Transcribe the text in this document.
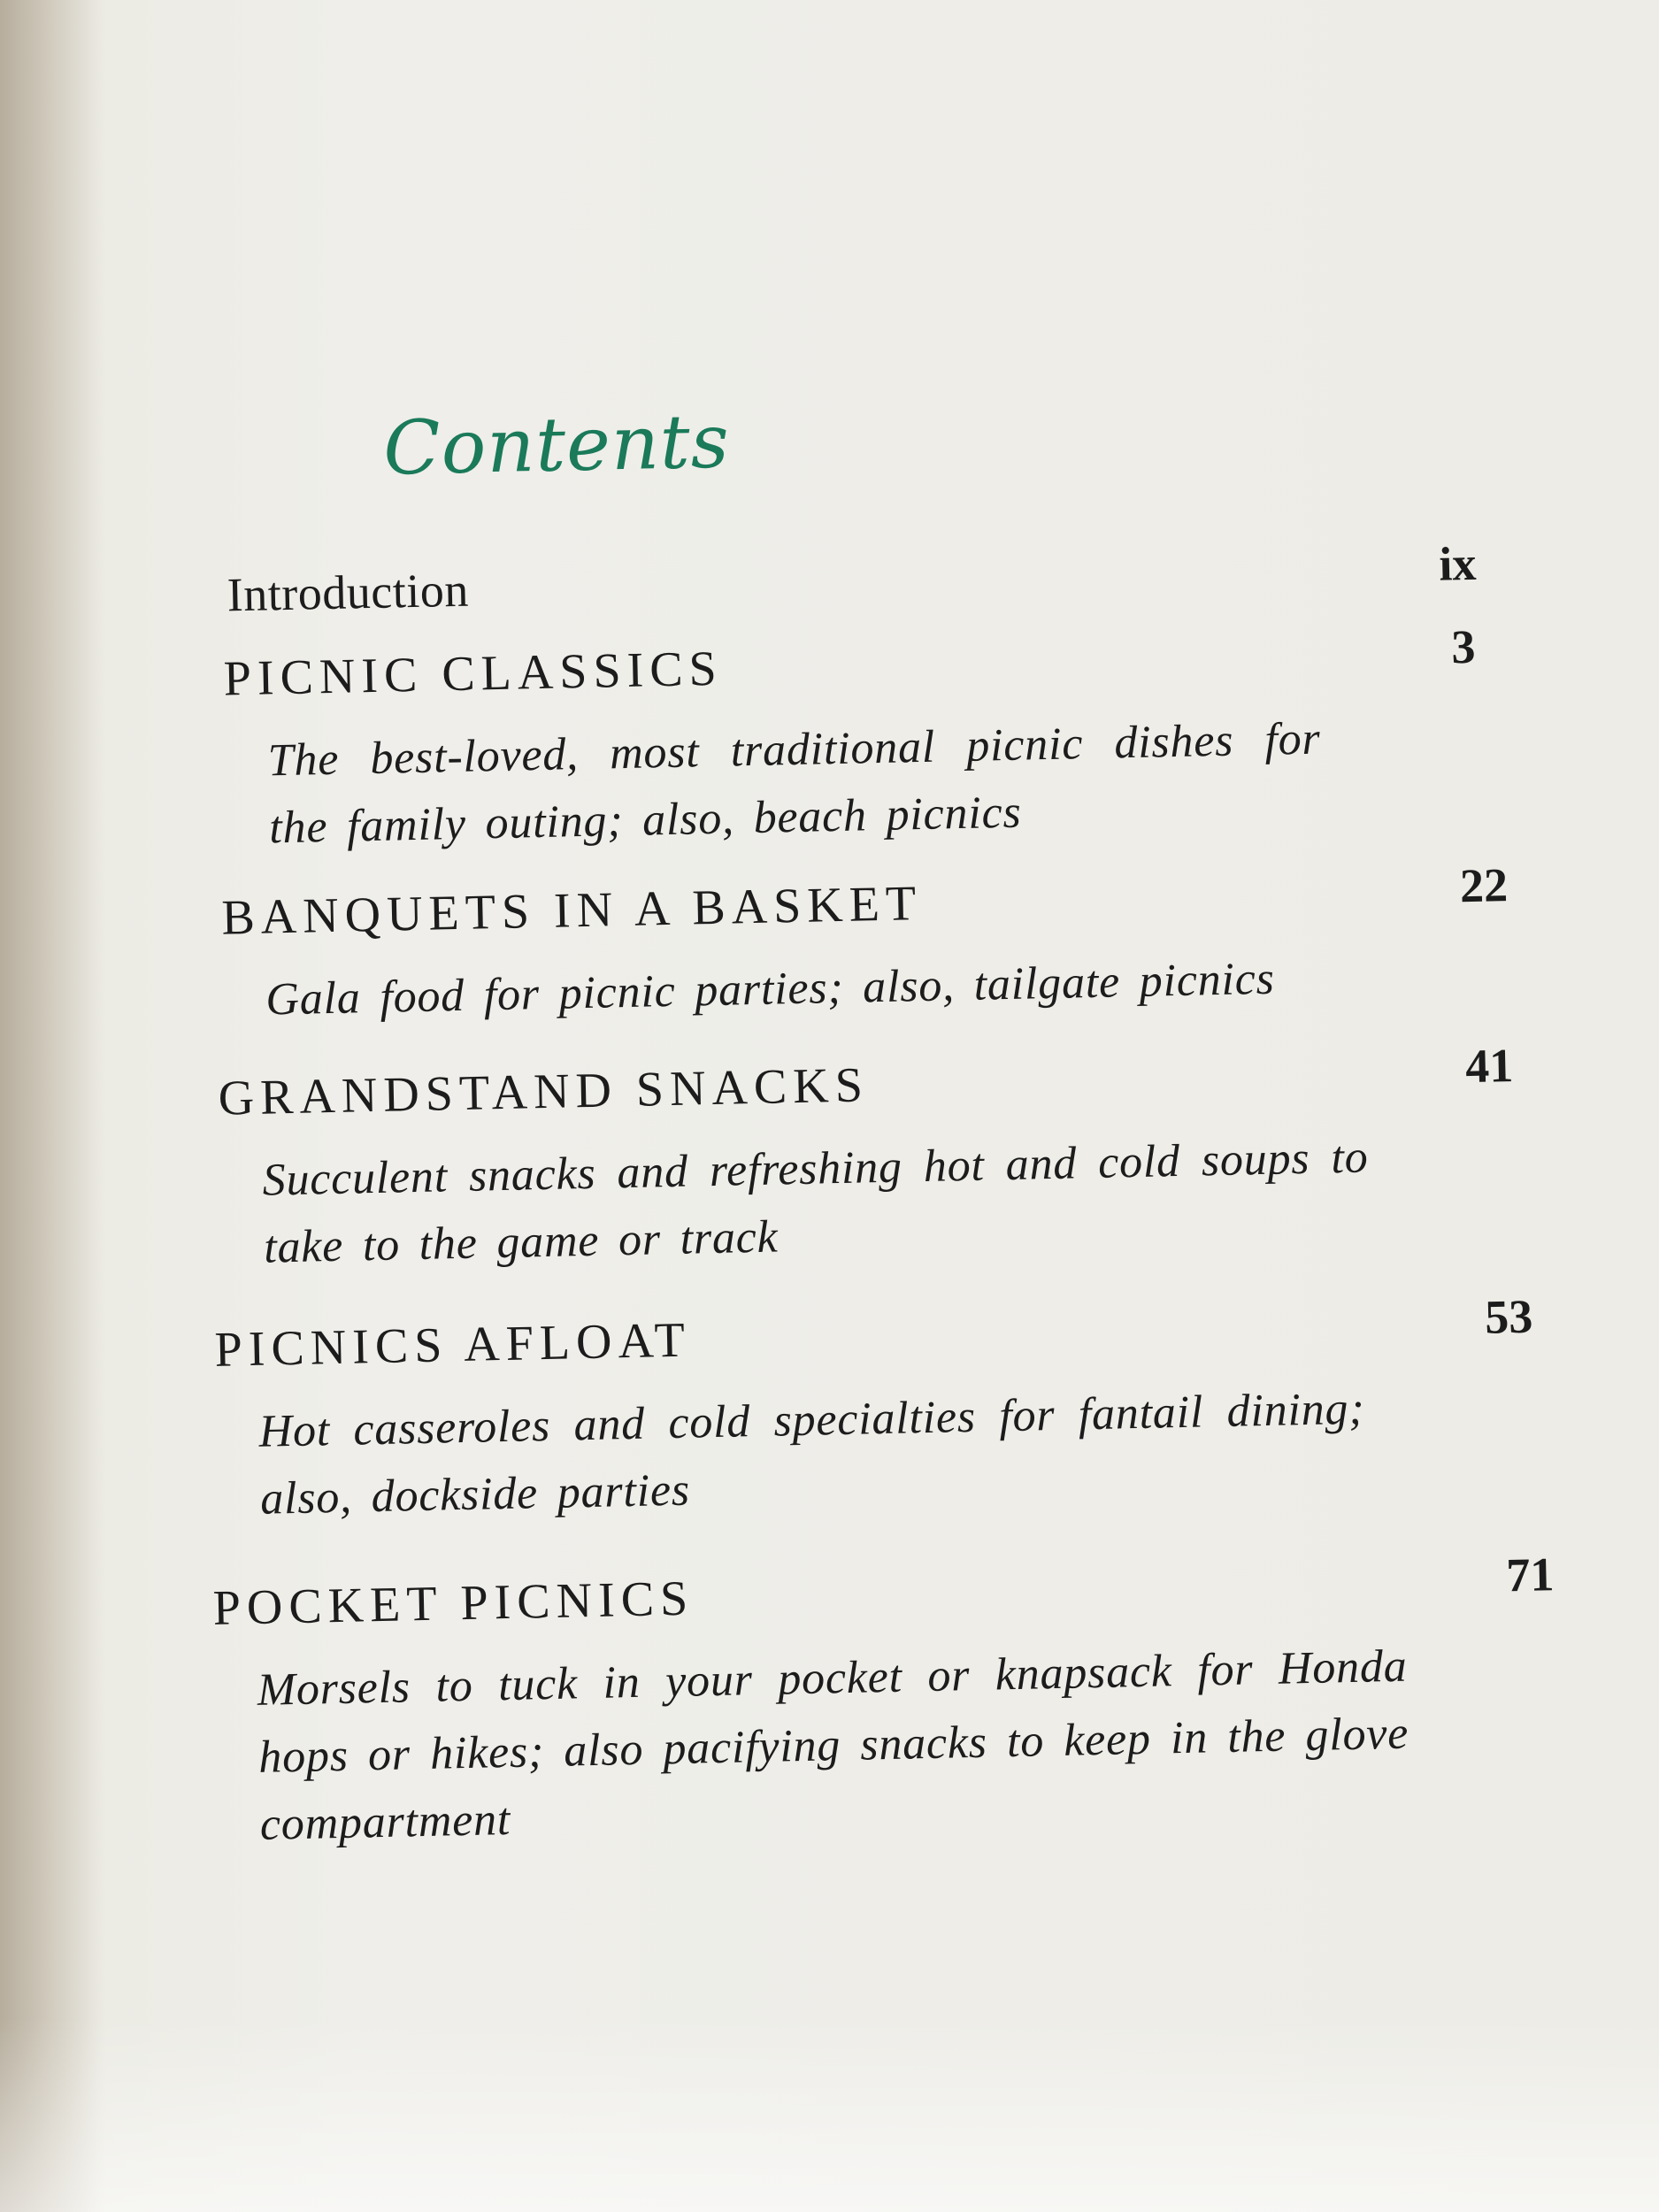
Contents
Introduction	ix
PICNIC CLASSICS	3
The best-loved, most traditional picnic dishes for the family outing; also, beach picnics
BANQUETS IN A BASKET	22
Gala food for picnic parties; also, tailgate picnics
GRANDSTAND SNACKS	41
Succulent snacks and refreshing hot and cold soups to take to the game or track
PICNICS AFLOAT	53
Hot casseroles and cold specialties for fantail dining; also, dockside parties
POCKET PICNICS	71
Morsels to tuck in your pocket or knapsack for Honda hops or hikes; also pacifying snacks to keep in the glove compartment
